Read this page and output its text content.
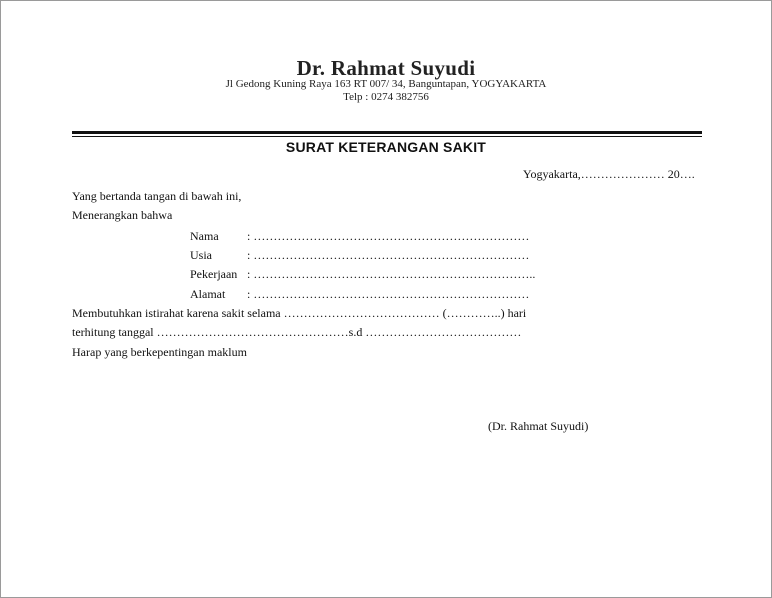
Dr. Rahmat Suyudi
Jl Gedong Kuning Raya 163 RT 007/ 34, Banguntapan, YOGYAKARTA
Telp : 0274 382756
SURAT KETERANGAN SAKIT
Yogyakarta,………………… 20….
Yang bertanda tangan di bawah ini,
Menerangkan bahwa
Nama : ……………………………………………………………
Usia	: ……………………………………………………………
Pekerjaan : ……………………………………………………………..
Alamat : ……………………………………………………………
Membutuhkan istirahat karena sakit selama ………………………………… (…………..) hari
terhitung tanggal …………………………………………s.d …………………………………
Harap yang berkepentingan maklum
(Dr. Rahmat Suyudi)
